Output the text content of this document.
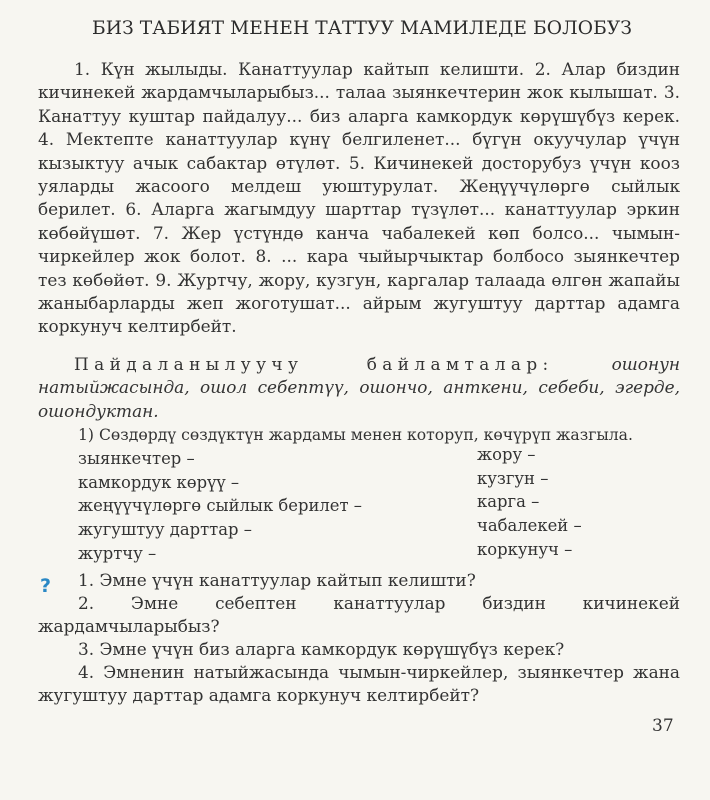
БИЗ ТАБИЯТ МЕНЕН ТАТТУУ МАМИЛЕДЕ БОЛОБУЗ
1. Күн жылыды. Канаттуулар кайтып келишти. 2. Алар биздин кичинекей жардамчыларыбыз... талаа зыянкечтерин жок кылышат. 3. Канаттуу куштар пайдалуу... биз аларга камкордук көрүшүбүз керек. 4. Мектепте канаттуулар күнү белгиленет... бүгүн окуучулар үчүн кызыктуу ачык сабактар өтүлөт. 5. Кичинекей досторубуз үчүн кооз уяларды жасоого мелдеш уюштурулат. Жеңүүчүлөргө сыйлык берилет. 6. Аларга жагымдуу шарттар түзүлөт... канаттуулар эркин көбөйүшөт. 7. Жер үстүндө канча чабалекей көп болсо... чымын-чиркейлер жок болот. 8. ... кара чыйырчыктар болбосо зыянкечтер тез көбөйөт. 9. Журтчу, жору, кузгун, каргалар талаада өлгөн жапайы жаныбарларды жеп жоготушат... айрым жугуштуу дарттар адамга коркунуч келтирбейт.
Пайдаланылуучу байламталар:	ошонун натыйжасында, ошол себептүү, ошончо, анткени, себеби, эгерде, ошондуктан.
1) Сөздөрдү сөздүктүн жардамы менен которуп, көчүрүп жазгыла.
зыянкечтер –
камкордук көрүү –
жеңүүчүлөргө сыйлык берилет –
жугуштуу дарттар –
журтчу –
жору –
кузгун –
карга –
чабалекей –
коркунуч –
?	1. Эмне үчүн канаттуулар кайтып келишти?

2. Эмне себептен канаттуулар биздин кичинекей жардамчыларыбыз?

3. Эмне үчүн биз аларга камкордук көрүшүбүз керек?

4. Эмненин натыйжасында чымын-чиркейлер, зыянкечтер жана жугуштуу дарттар адамга коркунуч келтирбейт?

37
